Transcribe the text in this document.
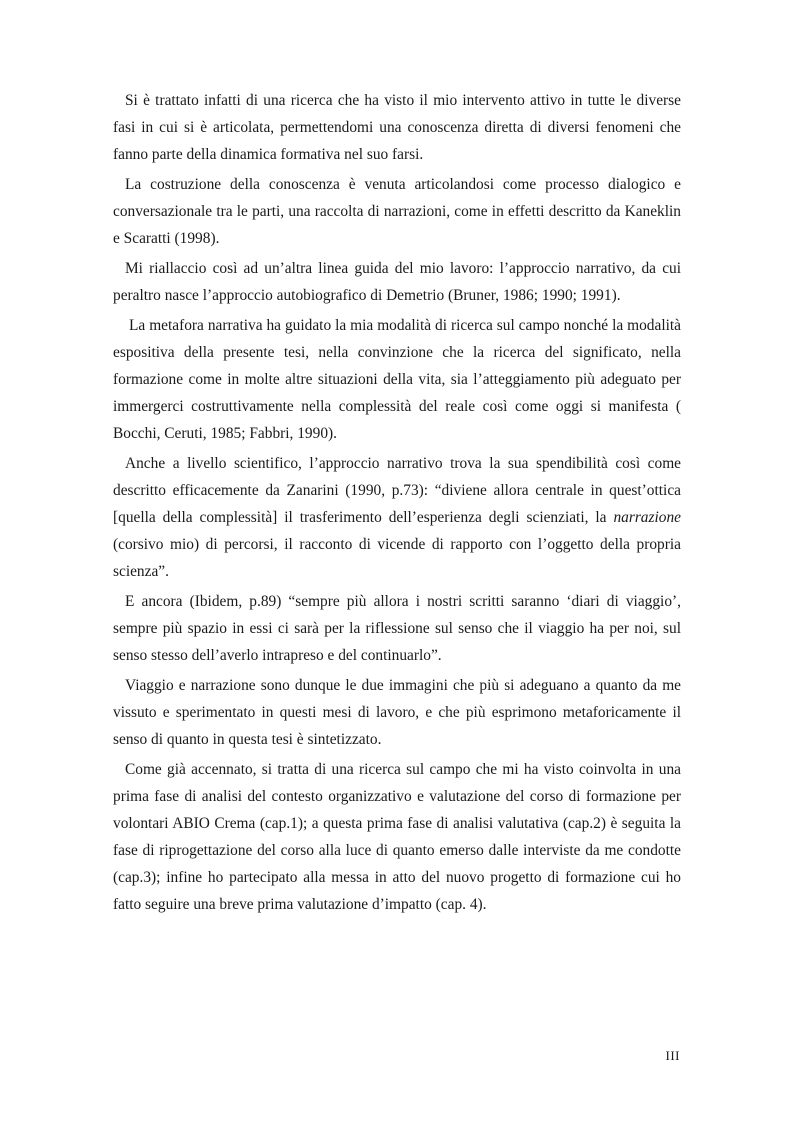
Si è trattato infatti di una ricerca che ha visto il mio intervento attivo in tutte le diverse fasi in cui si è articolata, permettendomi una conoscenza diretta di diversi fenomeni che fanno parte della dinamica formativa nel suo farsi.

La costruzione della conoscenza è venuta articolandosi come processo dialogico e conversazionale tra le parti, una raccolta di narrazioni, come in effetti descritto da Kaneklin e Scaratti (1998).

Mi riallaccio così ad un’altra linea guida del mio lavoro: l’approccio narrativo, da cui peraltro nasce l’approccio autobiografico di Demetrio (Bruner, 1986; 1990; 1991).

La metafora narrativa ha guidato la mia modalità di ricerca sul campo nonché la modalità espositiva della presente tesi, nella convinzione che la ricerca del significato, nella formazione come in molte altre situazioni della vita, sia l’atteggiamento più adeguato per immergerci costruttivamente nella complessità del reale così come oggi si manifesta ( Bocchi, Ceruti, 1985; Fabbri, 1990).

Anche a livello scientifico, l’approccio narrativo trova la sua spendibilità così come descritto efficacemente da Zanarini (1990, p.73): “diviene allora centrale in quest’ottica [quella della complessità] il trasferimento dell’esperienza degli scienziati, la narrazione (corsivo mio) di percorsi, il racconto di vicende di rapporto con l’oggetto della propria scienza”.

E ancora (Ibidem, p.89) “sempre più allora i nostri scritti saranno ‘diari di viaggio’, sempre più spazio in essi ci sarà per la riflessione sul senso che il viaggio ha per noi, sul senso stesso dell’averlo intrapreso e del continuarlo”.

Viaggio e narrazione sono dunque le due immagini che più si adeguano a quanto da me vissuto e sperimentato in questi mesi di lavoro, e che più esprimono metaforicamente il senso di quanto in questa tesi è sintetizzato.

Come già accennato, si tratta di una ricerca sul campo che mi ha visto coinvolta in una prima fase di analisi del contesto organizzativo e valutazione del corso di formazione per volontari ABIO Crema (cap.1); a questa prima fase di analisi valutativa (cap.2) è seguita la fase di riprogettazione del corso alla luce di quanto emerso dalle interviste da me condotte (cap.3); infine ho partecipato alla messa in atto del nuovo progetto di formazione cui ho fatto seguire una breve prima valutazione d’impatto (cap. 4).

III
